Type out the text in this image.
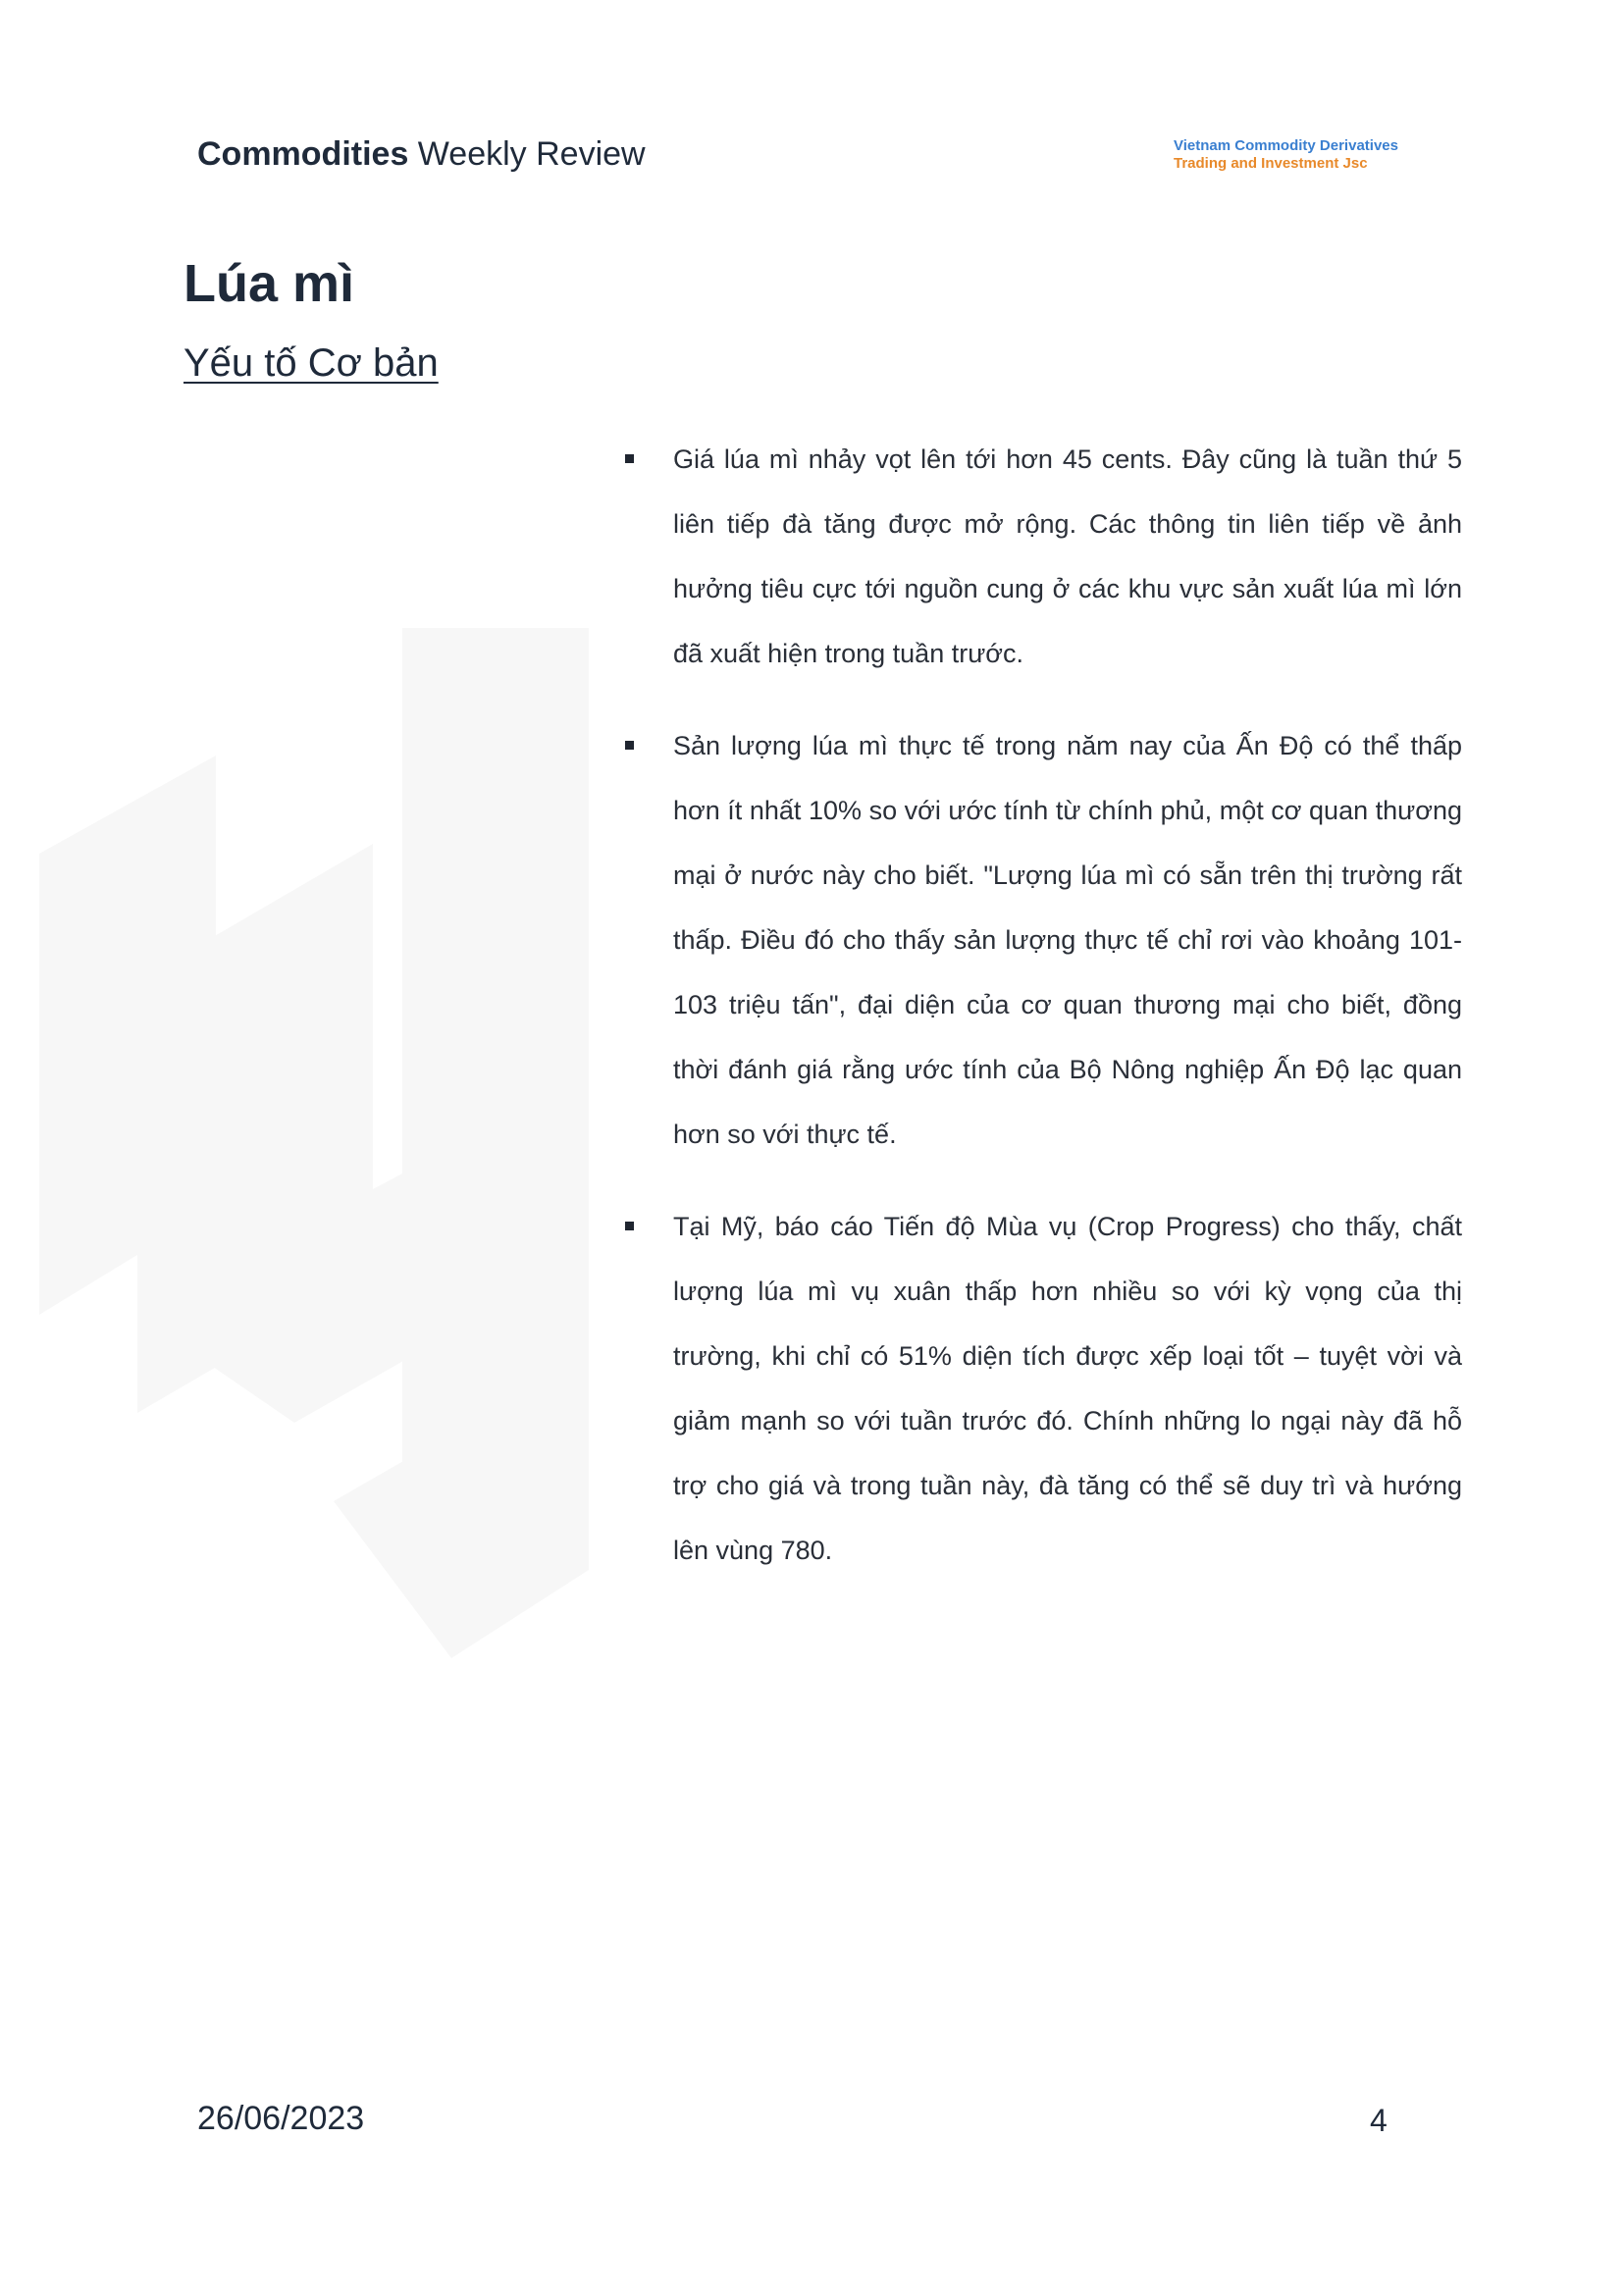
Commodities Weekly Review	Vietnam Commodity Derivatives
Trading and Investment Jsc
Lúa mì
Yếu tố Cơ bản
Giá lúa mì nhảy vọt lên tới hơn 45 cents. Đây cũng là tuần thứ 5 liên tiếp đà tăng được mở rộng. Các thông tin liên tiếp về ảnh hưởng tiêu cực tới nguồn cung ở các khu vực sản xuất lúa mì lớn đã xuất hiện trong tuần trước.
Sản lượng lúa mì thực tế trong năm nay của Ấn Độ có thể thấp hơn ít nhất 10% so với ước tính từ chính phủ, một cơ quan thương mại ở nước này cho biết. "Lượng lúa mì có sẵn trên thị trường rất thấp. Điều đó cho thấy sản lượng thực tế chỉ rơi vào khoảng 101-103 triệu tấn", đại diện của cơ quan thương mại cho biết, đồng thời đánh giá rằng ước tính của Bộ Nông nghiệp Ấn Độ lạc quan hơn so với thực tế.
Tại Mỹ, báo cáo Tiến độ Mùa vụ (Crop Progress) cho thấy, chất lượng lúa mì vụ xuân thấp hơn nhiều so với kỳ vọng của thị trường, khi chỉ có 51% diện tích được xếp loại tốt – tuyệt vời và giảm mạnh so với tuần trước đó. Chính những lo ngại này đã hỗ trợ cho giá và trong tuần này, đà tăng có thể sẽ duy trì và hướng lên vùng 780.
26/06/2023	4
